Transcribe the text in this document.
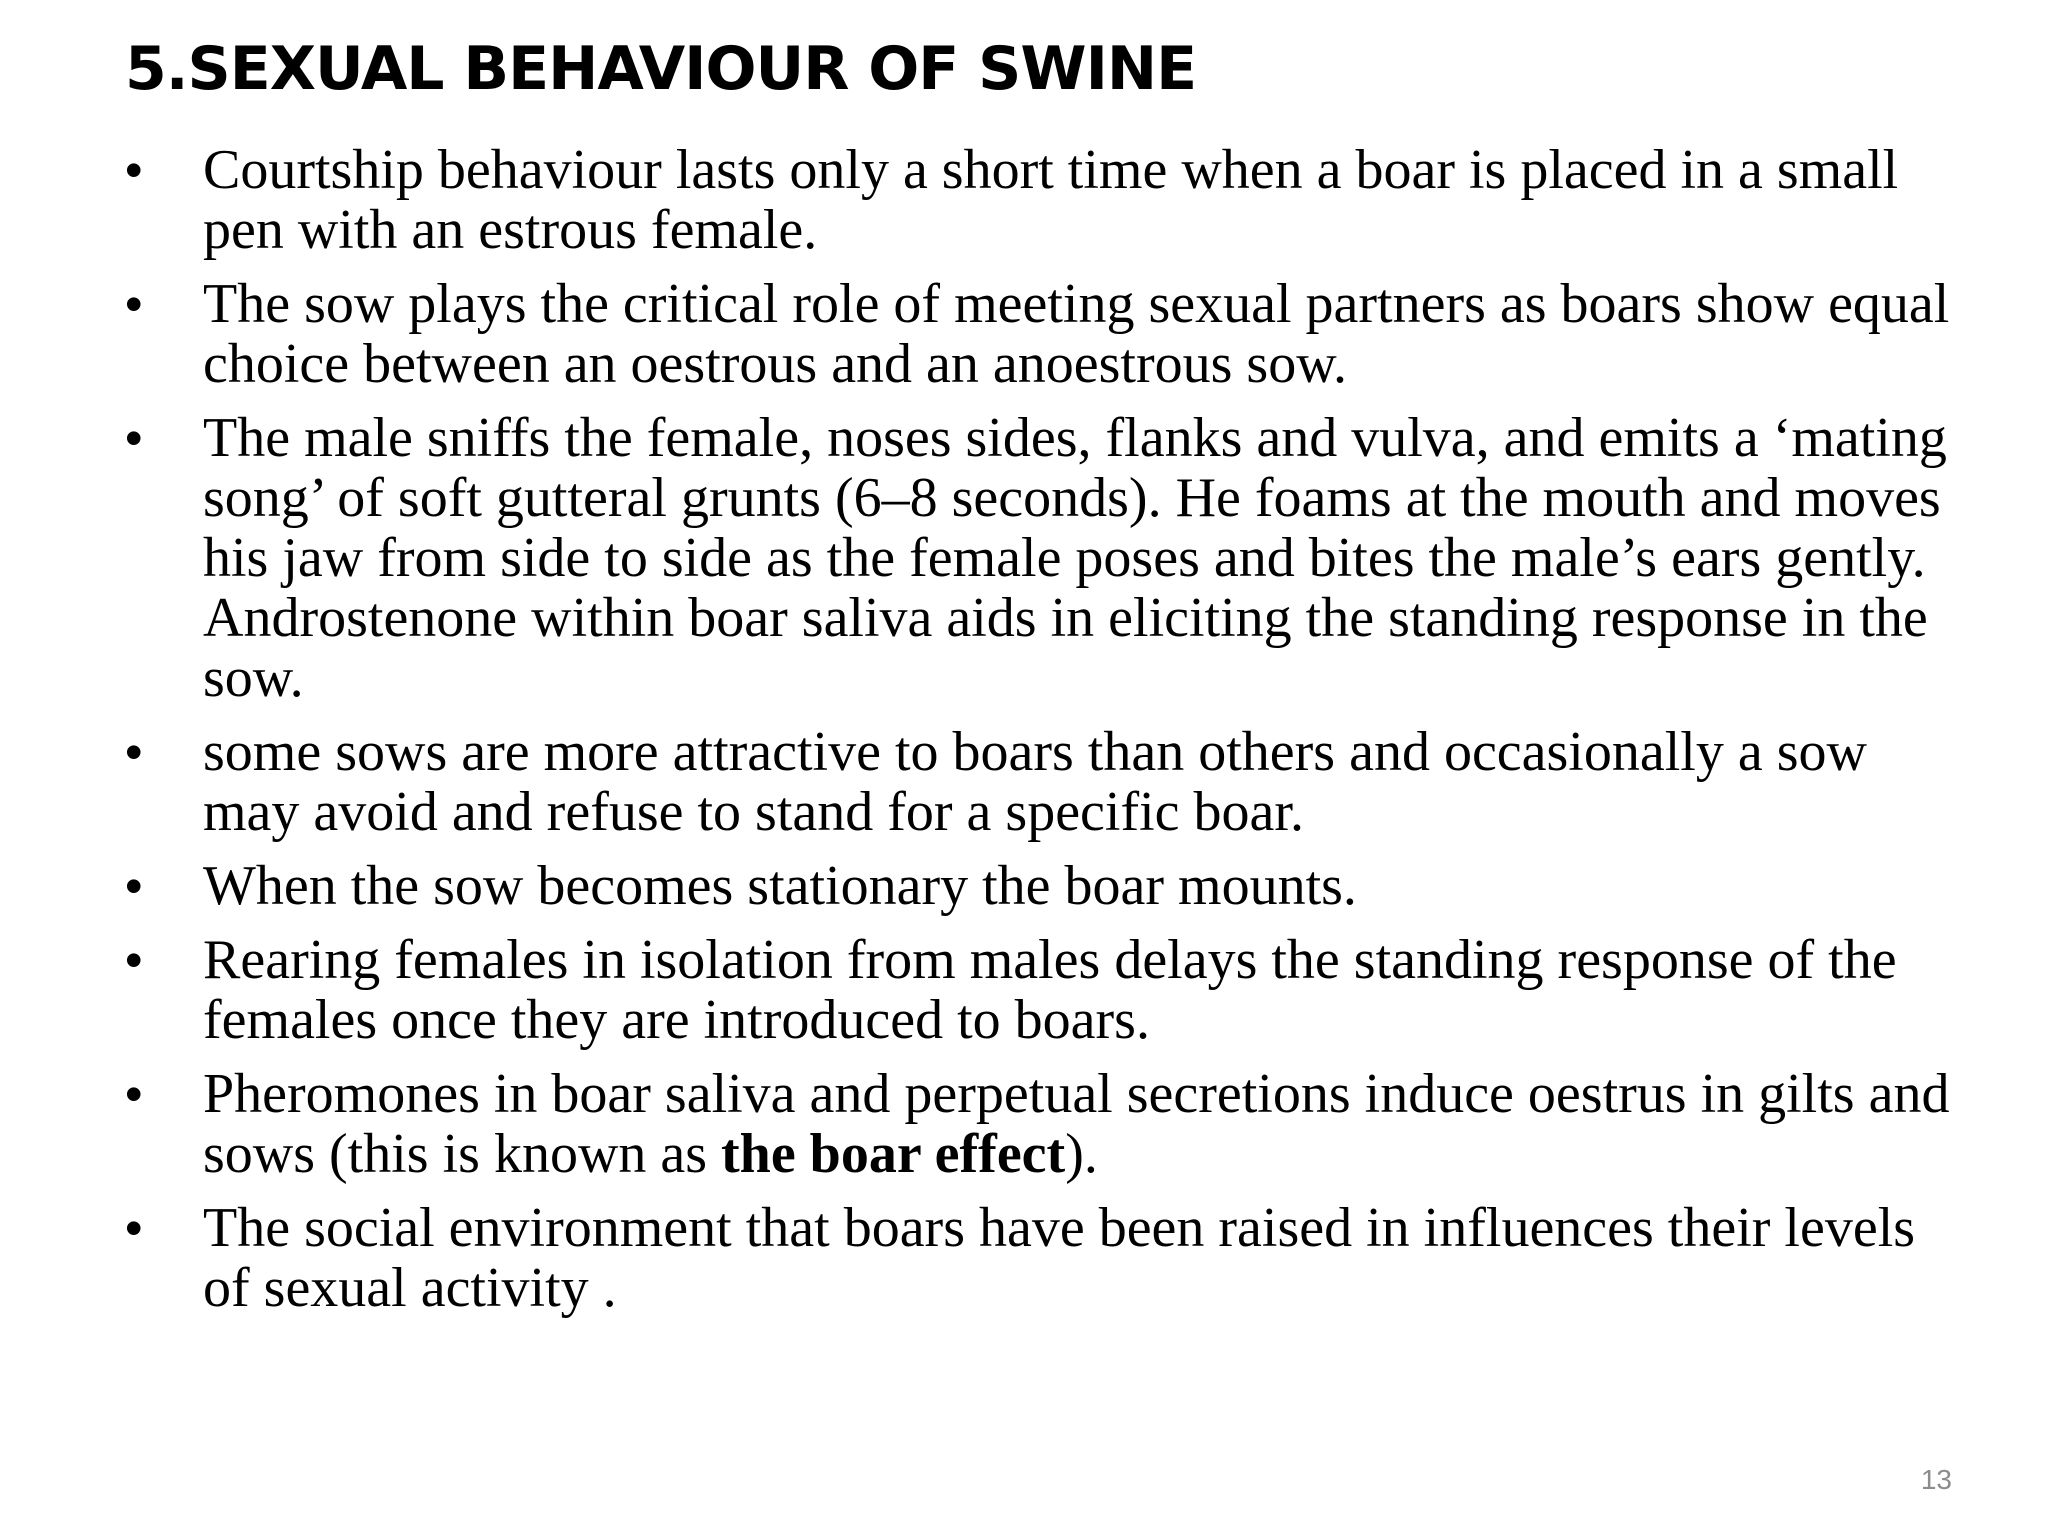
5.SEXUAL BEHAVIOUR OF SWINE
•	Courtship behaviour lasts only a short time when a boar is placed in a small pen with an estrous female.
•	The sow plays the critical role of meeting sexual partners as boars show equal choice between an oestrous and an anoestrous sow.
•	The male sniffs the female, noses sides, flanks and vulva, and emits a ‘mating song’ of soft gutteral grunts (6–8 seconds). He foams at the mouth and moves his jaw from side to side as the female poses and bites the male’s ears gently. Androstenone within boar saliva aids in eliciting the standing response in the sow.
•	some sows are more attractive to boars than others and occasionally a sow may avoid and refuse to stand for a specific boar.
•	When the sow becomes stationary the boar mounts.
•	Rearing females in isolation from males delays the standing response of the females once they are introduced to boars.
•	Pheromones in boar saliva and perpetual secretions induce oestrus in gilts and sows (this is known as the boar effect).
•	The social environment that boars have been raised in influences their levels of sexual activity .
13
